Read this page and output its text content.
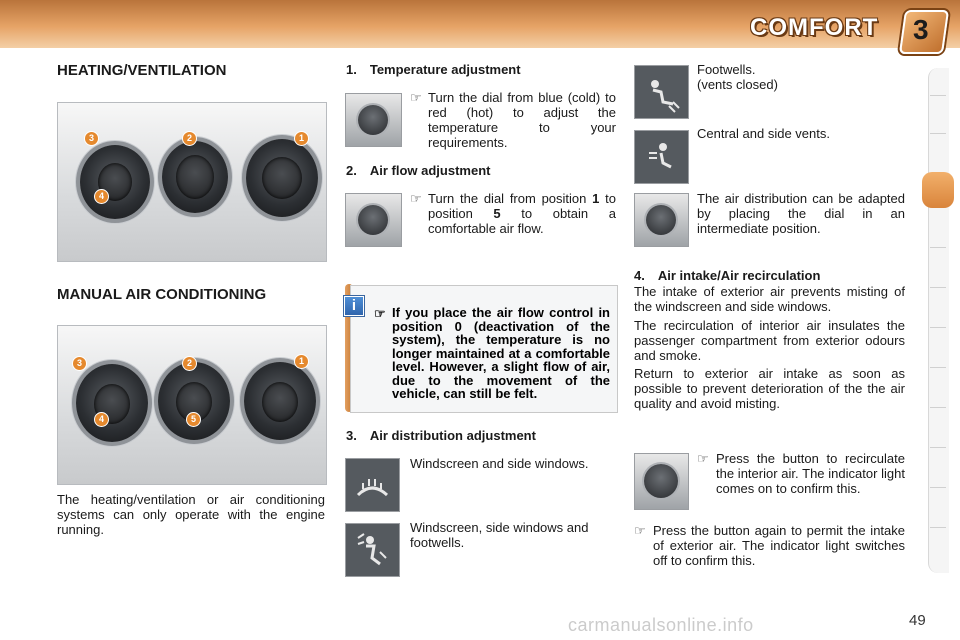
COMFORT 3
HEATING/VENTILATION
3	2	1
4
MANUAL AIR CONDITIONING
3	2	1
4	5
The heating/ventilation or air conditioning systems can only operate with the engine running.
1. Temperature adjustment
☞ Turn the dial from blue (cold) to red (hot) to adjust the temperature to your requirements.
2. Air flow adjustment
☞ Turn the dial from position 1 to position 5 to obtain a comfortable air flow.
i	☞ If you place the air flow control in position 0 (deactivation of the system), the temperature is no longer maintained at a comfortable level. However, a slight flow of air, due to the movement of the vehicle, can still be felt.
3. Air distribution adjustment
Windscreen and side windows.
Windscreen, side windows and footwells.
Footwells.
(vents closed)
Central and side vents.
The air distribution can be adapted by placing the dial in an intermediate position.
4. Air intake/Air recirculation
The intake of exterior air prevents misting of the windscreen and side windows.
The recirculation of interior air insulates the passenger compartment from exterior odours and smoke.
Return to exterior air intake as soon as possible to prevent deterioration of the the air quality and avoid misting.
☞ Press the button to recirculate the interior air. The indicator light comes on to confirm this.
☞ Press the button again to permit the intake of exterior air. The indicator light switches off to confirm this.
carmanualsonline.info	49
